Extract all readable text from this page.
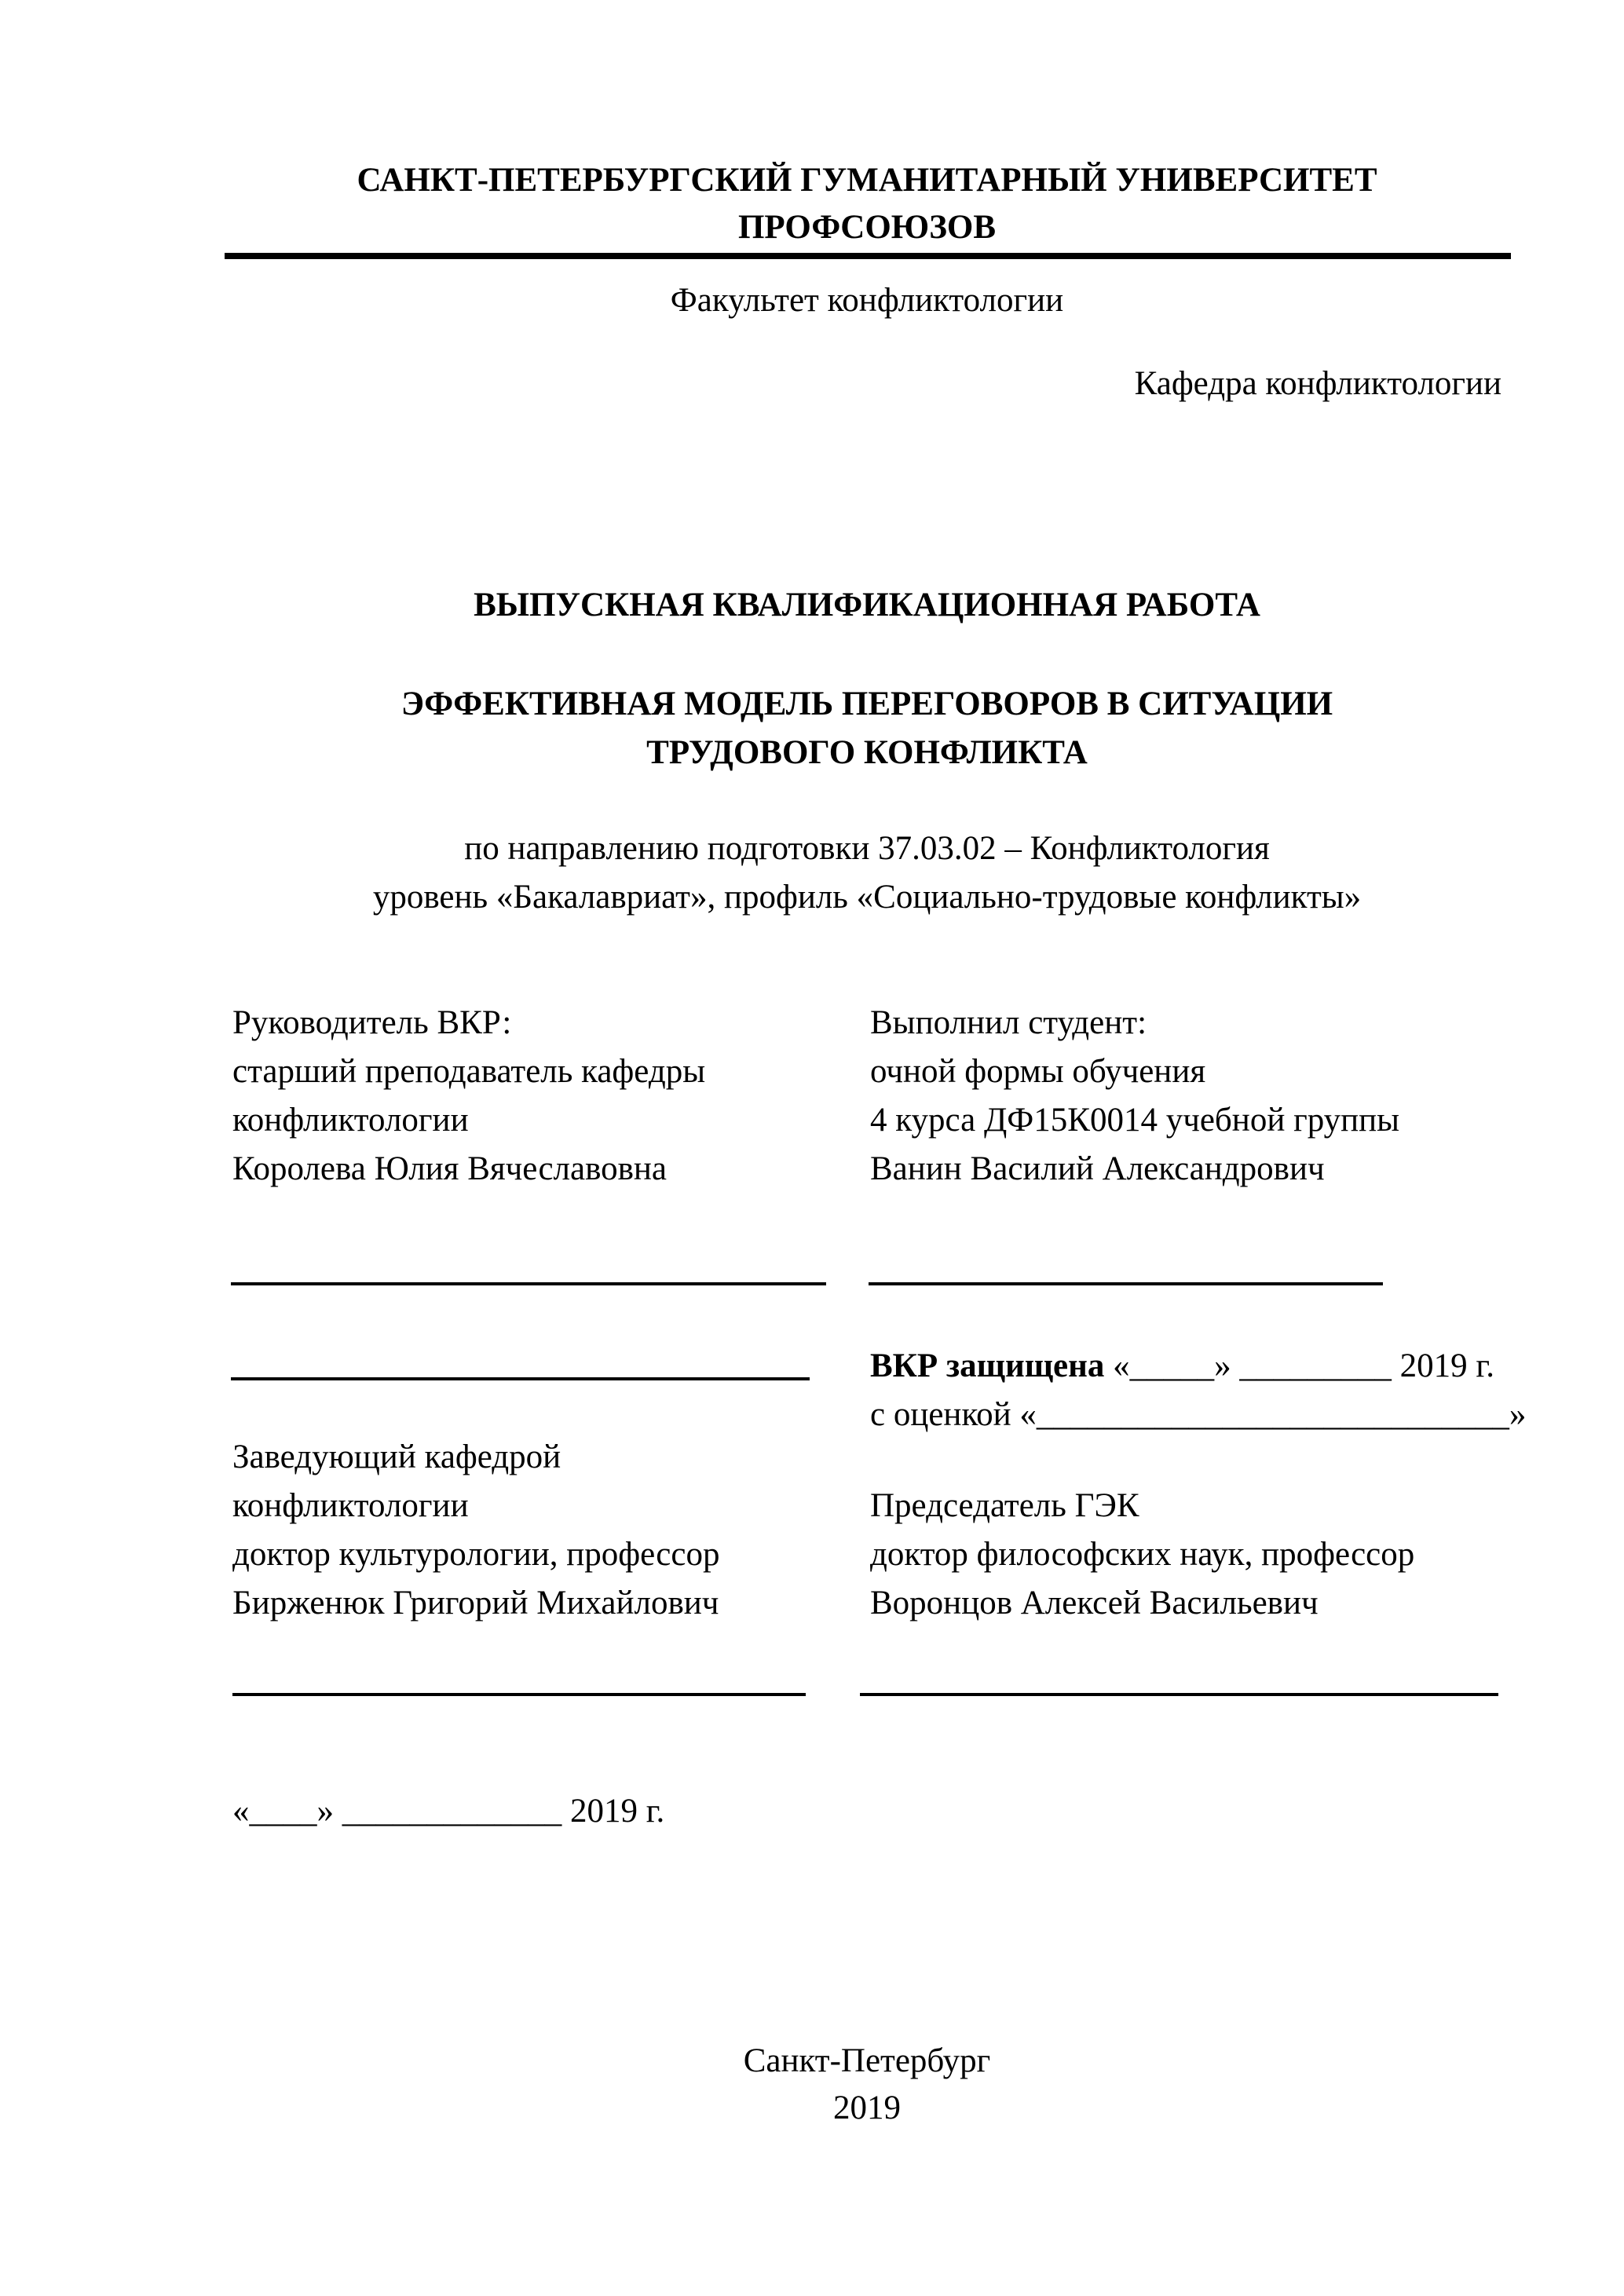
САНКТ-ПЕТЕРБУРГСКИЙ ГУМАНИТАРНЫЙ УНИВЕРСИТЕТ
ПРОФСОЮЗОВ
Факультет конфликтологии
Кафедра конфликтологии
ВЫПУСКНАЯ КВАЛИФИКАЦИОННАЯ РАБОТА
ЭФФЕКТИВНАЯ МОДЕЛЬ ПЕРЕГОВОРОВ В СИТУАЦИИ
ТРУДОВОГО КОНФЛИКТА
по направлению подготовки 37.03.02 – Конфликтология
уровень «Бакалавриат», профиль «Социально-трудовые конфликты»
Руководитель ВКР:
старший преподаватель кафедры
конфликтологии
Королева Юлия Вячеславовна
Выполнил студент:
очной формы обучения
4 курса ДФ15К0014 учебной группы
Ванин Василий Александрович
ВКР защищена «_____» _________ 2019 г.
с оценкой «____________________________»
Заведующий кафедрой
конфликтологии
доктор культурологии, профессор
Бирженюк Григорий Михайлович
Председатель ГЭК
доктор философских наук, профессор
Воронцов Алексей Васильевич
«____» _____________ 2019 г.
Санкт-Петербург
2019
